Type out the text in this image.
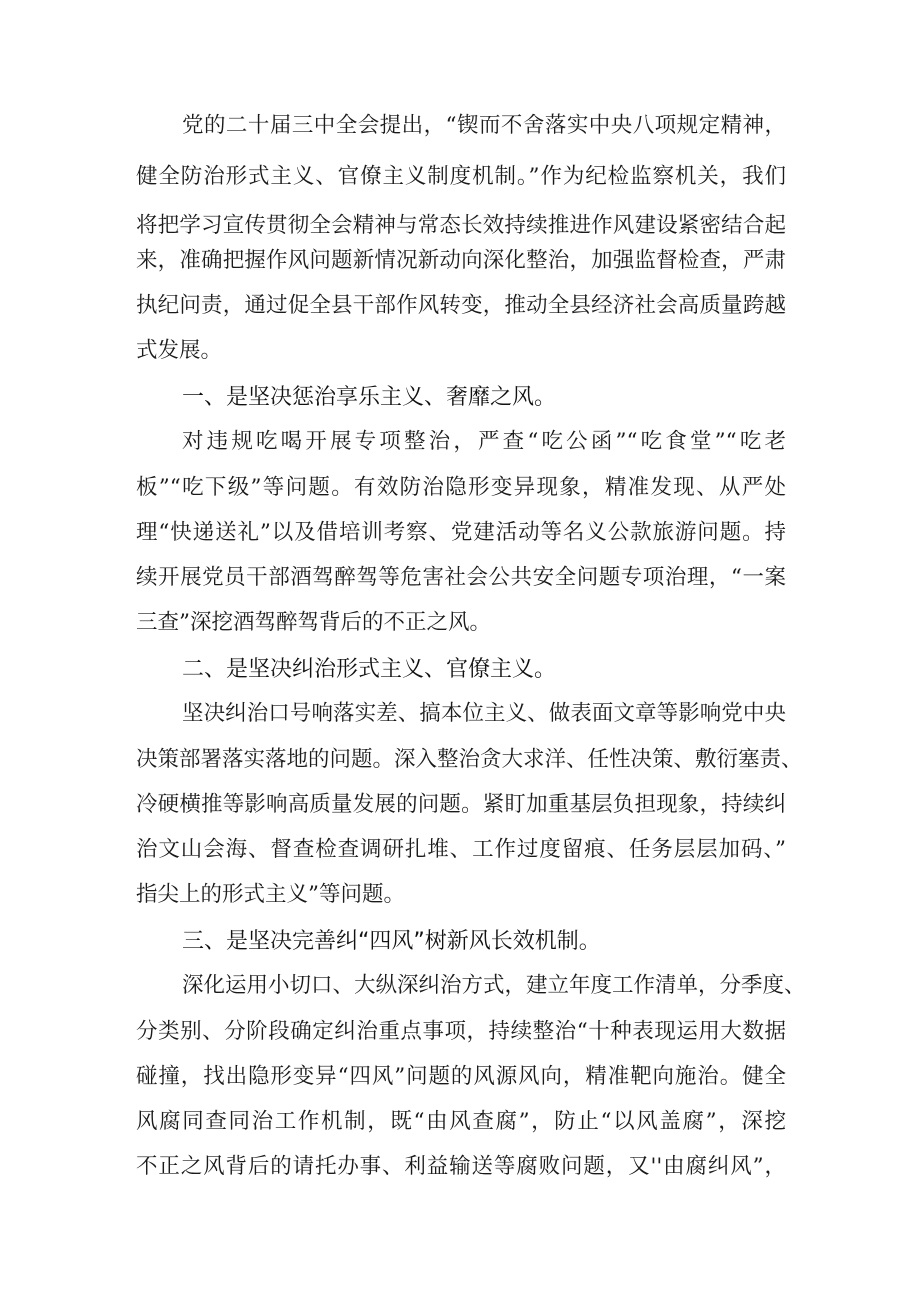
党的二十届三中全会提出，“锲而不舍落实中央八项规定精神，
健全防治形式主义、官僚主义制度机制。”作为纪检监察机关，我们
将把学习宣传贯彻全会精神与常态长效持续推进作风建设紧密结合起
来，准确把握作风问题新情况新动向深化整治，加强监督检查，严肃
执纪问责，通过促全县干部作风转变，推动全县经济社会高质量跨越
式发展。
一、是坚决惩治享乐主义、奢靡之风。
对违规吃喝开展专项整治，严查“吃公函”“吃食堂”“吃老
板”“吃下级”等问题。有效防治隐形变异现象，精准发现、从严处
理“快递送礼”以及借培训考察、党建活动等名义公款旅游问题。持
续开展党员干部酒驾醉驾等危害社会公共安全问题专项治理，“一案
三查”深挖酒驾醉驾背后的不正之风。
二、是坚决纠治形式主义、官僚主义。
坚决纠治口号响落实差、搞本位主义、做表面文章等影响党中央
决策部署落实落地的问题。深入整治贪大求洋、任性决策、敷衍塞责、
冷硬横推等影响高质量发展的问题。紧盯加重基层负担现象，持续纠
治文山会海、督查检查调研扎堆、工作过度留痕、任务层层加码、”
指尖上的形式主义”等问题。
三、是坚决完善纠“四风”树新风长效机制。
深化运用小切口、大纵深纠治方式，建立年度工作清单，分季度、
分类别、分阶段确定纠治重点事项，持续整治“十种表现运用大数据
碰撞，找出隐形变异“四风”问题的风源风向，精准靶向施治。健全
风腐同查同治工作机制，既“由风查腐”，防止“以风盖腐”，深挖
不正之风背后的请托办事、利益输送等腐败问题，又''由腐纠风”，
